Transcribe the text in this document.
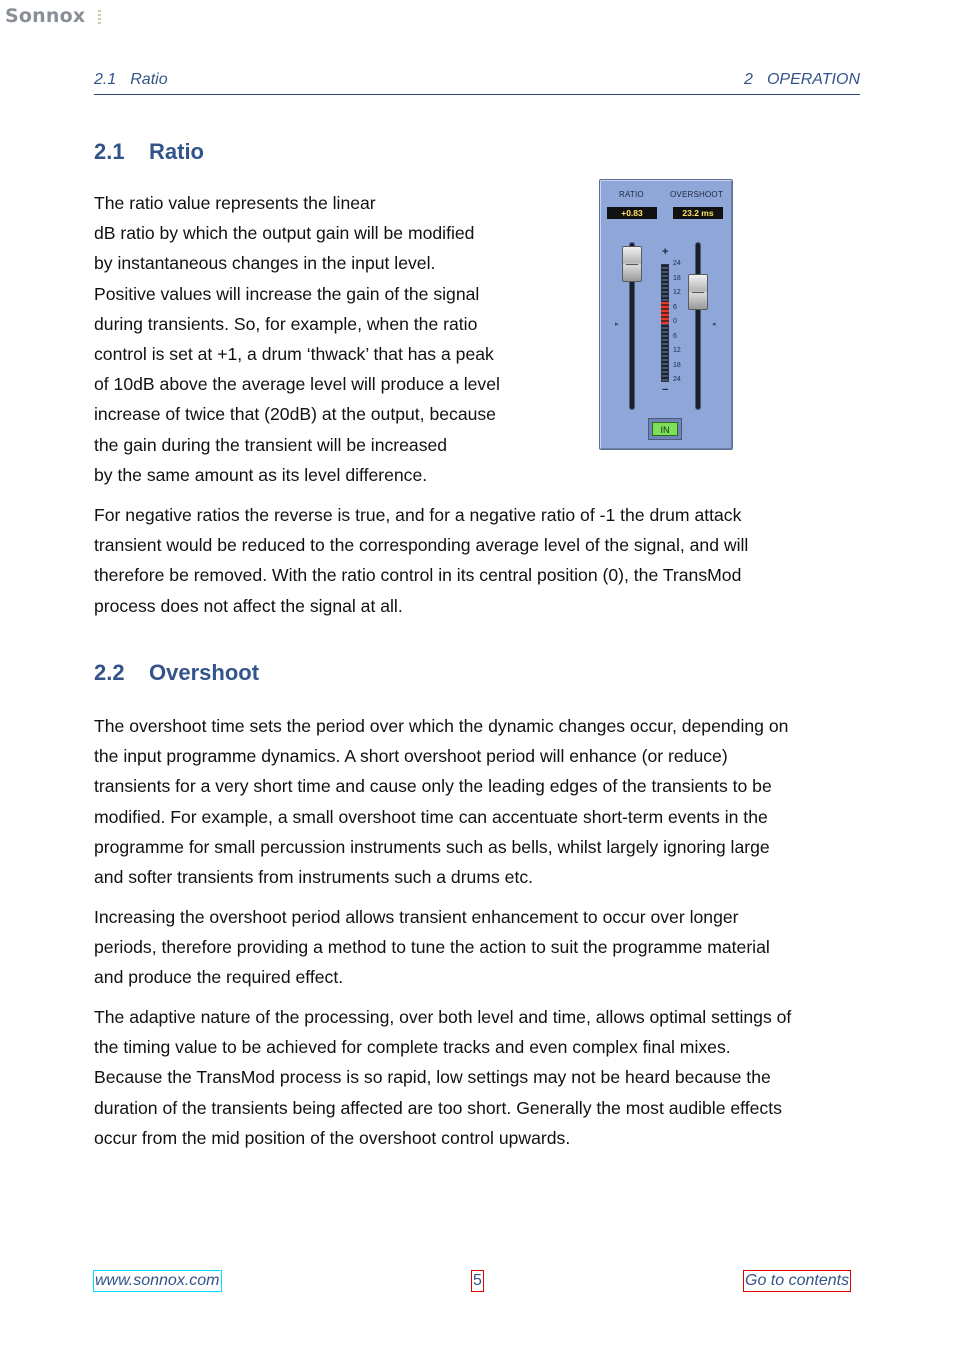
Sonnox
2.1 Ratio	2 OPERATION
2.1 Ratio
The ratio value represents the linear
dB ratio by which the output gain will be modified
by instantaneous changes in the input level.
Positive values will increase the gain of the signal
during transients. So, for example, when the ratio
control is set at +1, a drum ‘thwack’ that has a peak
of 10dB above the average level will produce a level
increase of twice that (20dB) at the output, because
the gain during the transient will be increased
by the same amount as its level difference.
For negative ratios the reverse is true, and for a negative ratio of -1 the drum attack
transient would be reduced to the corresponding average level of the signal, and will
therefore be removed. With the ratio control in its central position (0), the TransMod
process does not affect the signal at all.
RATIO	OVERSHOOT
+0.83	23.2 ms
▸
+
24
18
12
6
0
6
12
18
24
−
◂
IN
2.2 Overshoot
The overshoot time sets the period over which the dynamic changes occur, depending on
the input programme dynamics. A short overshoot period will enhance (or reduce)
transients for a very short time and cause only the leading edges of the transients to be
modified. For example, a small overshoot time can accentuate short-term events in the
programme for small percussion instruments such as bells, whilst largely ignoring large
and softer transients from instruments such a drums etc.
Increasing the overshoot period allows transient enhancement to occur over longer
periods, therefore providing a method to tune the action to suit the programme material
and produce the required effect.
The adaptive nature of the processing, over both level and time, allows optimal settings of
the timing value to be achieved for complete tracks and even complex final mixes.
Because the TransMod process is so rapid, low settings may not be heard because the
duration of the transients being affected are too short. Generally the most audible effects
occur from the mid position of the overshoot control upwards.
www.sonnox.com	5	Go to contents
